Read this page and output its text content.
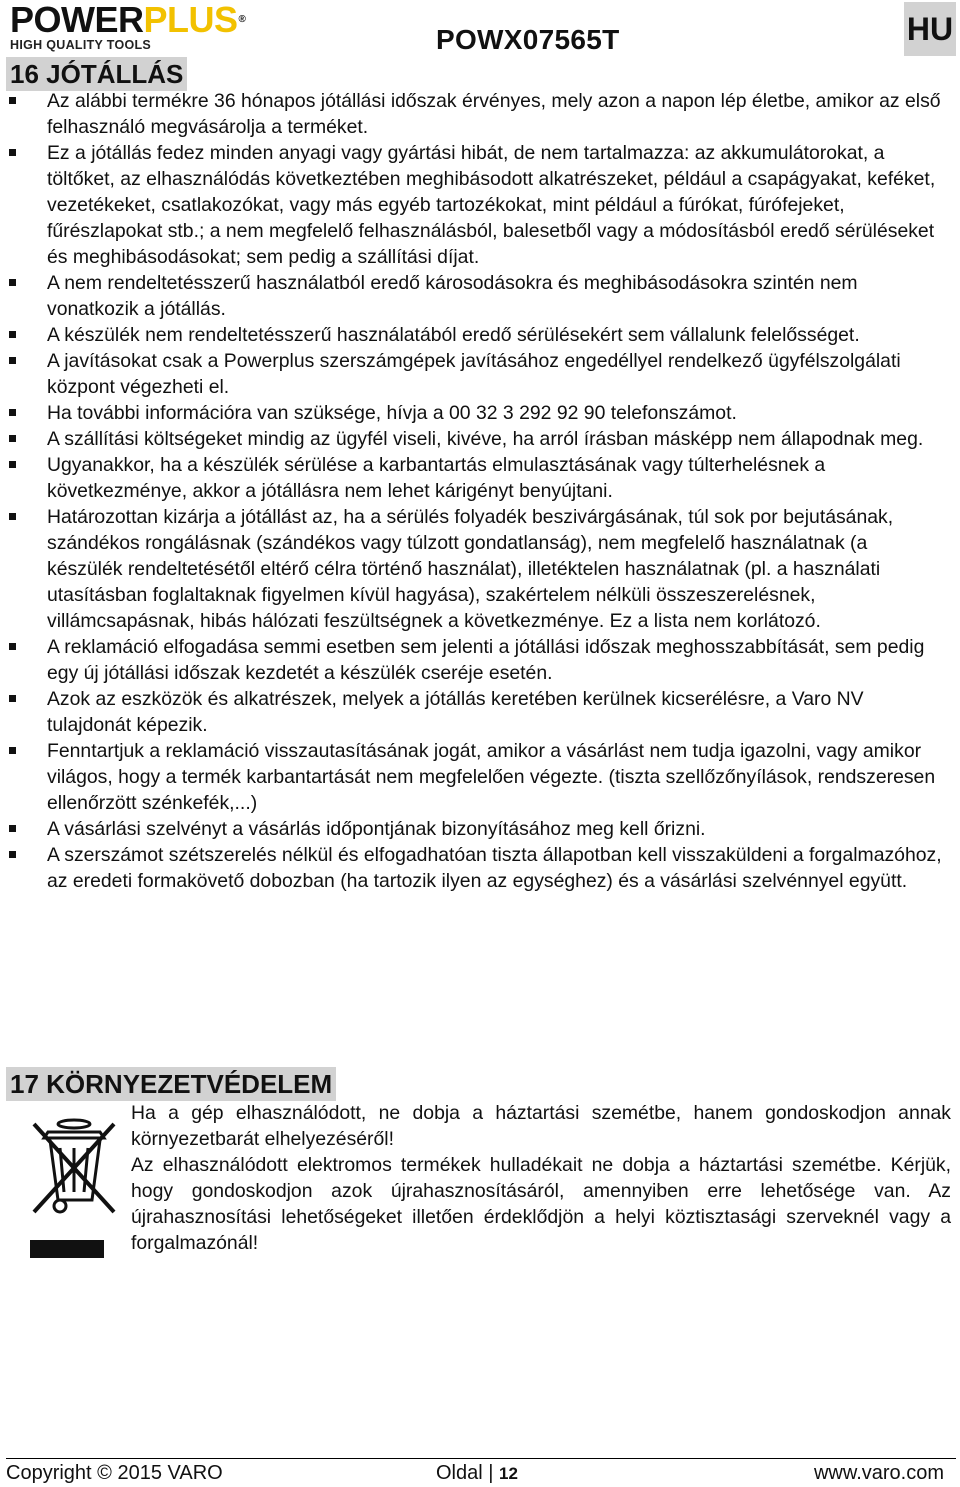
POWERPLUS®
HIGH QUALITY TOOLS	POWX07565T	HU
16 JÓTÁLLÁS
Az alábbi termékre 36 hónapos jótállási időszak érvényes, mely azon a napon lép életbe, amikor az első felhasználó megvásárolja a terméket.
Ez a jótállás fedez minden anyagi vagy gyártási hibát, de nem tartalmazza: az akkumulátorokat, a töltőket, az elhasználódás következtében meghibásodott alkatrészeket, például a csapágyakat, keféket, vezetékeket, csatlakozókat, vagy más egyéb tartozékokat, mint például a fúrókat, fúrófejeket, fűrészlapokat stb.; a nem megfelelő felhasználásból, balesetből vagy a módosításból eredő sérüléseket és meghibásodásokat; sem pedig a szállítási díjat.
A nem rendeltetésszerű használatból eredő károsodásokra és meghibásodásokra szintén nem vonatkozik a jótállás.
A készülék nem rendeltetésszerű használatából eredő sérülésekért sem vállalunk felelősséget.
A javításokat csak a Powerplus szerszámgépek javításához engedéllyel rendelkező ügyfélszolgálati központ végezheti el.
Ha további információra van szüksége, hívja a 00 32 3 292 92 90 telefonszámot.
A szállítási költségeket mindig az ügyfél viseli, kivéve, ha arról írásban másképp nem állapodnak meg.
Ugyanakkor, ha a készülék sérülése a karbantartás elmulasztásának vagy túlterhelésnek a következménye, akkor a jótállásra nem lehet kárigényt benyújtani.
Határozottan kizárja a jótállást az, ha a sérülés folyadék beszivárgásának, túl sok por bejutásának, szándékos rongálásnak (szándékos vagy túlzott gondatlanság), nem megfelelő használatnak (a készülék rendeltetésétől eltérő célra történő használat), illetéktelen használatnak (pl. a használati utasításban foglaltaknak figyelmen kívül hagyása), szakértelem nélküli összeszerelésnek, villámcsapásnak, hibás hálózati feszültségnek a következménye. Ez a lista nem korlátozó.
A reklamáció elfogadása semmi esetben sem jelenti a jótállási időszak meghosszabbítását, sem pedig egy új jótállási időszak kezdetét a készülék cseréje esetén.
Azok az eszközök és alkatrészek, melyek a jótállás keretében kerülnek kicserélésre, a Varo NV tulajdonát képezik.
Fenntartjuk a reklamáció visszautasításának jogát, amikor a vásárlást nem tudja igazolni, vagy amikor világos, hogy a termék karbantartását nem megfelelően végezte. (tiszta szellőzőnyílások, rendszeresen ellenőrzött szénkefék,...)
A vásárlási szelvényt a vásárlás időpontjának bizonyításához meg kell őrizni.
A szerszámot szétszerelés nélkül és elfogadhatóan tiszta állapotban kell visszaküldeni a forgalmazóhoz, az eredeti formakövető dobozban (ha tartozik ilyen az egységhez) és a vásárlási szelvénnyel együtt.
17 KÖRNYEZETVÉDELEM

Ha a gép elhasználódott, ne dobja a háztartási szemétbe, hanem gondoskodjon annak környezetbarát elhelyezéséről!

Az elhasználódott elektromos termékek hulladékait ne dobja a háztartási szemétbe. Kérjük, hogy gondoskodjon azok újrahasznosításáról, amennyiben erre lehetősége van. Az újrahasznosítási lehetőségeket illetően érdeklődjön a helyi köztisztasági szerveknél vagy a forgalmazónál!

Copyright © 2015 VARO	Oldal | 12	www.varo.com
